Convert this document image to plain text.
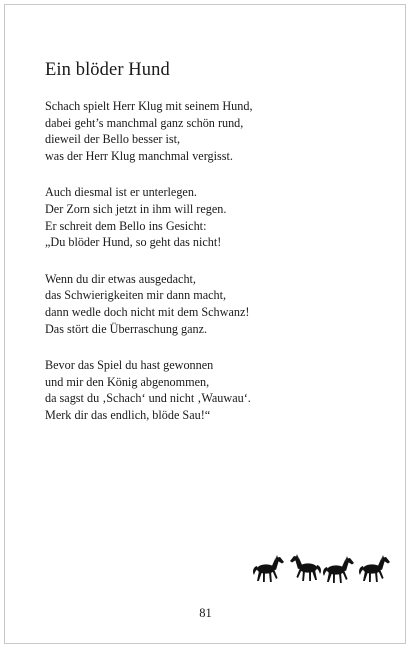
Ein blöder Hund

Schach spielt Herr Klug mit seinem Hund,
dabei geht’s manchmal ganz schön rund,
dieweil der Bello besser ist,
was der Herr Klug manchmal vergisst.

Auch diesmal ist er unterlegen.
Der Zorn sich jetzt in ihm will regen.
Er schreit dem Bello ins Gesicht:
„Du blöder Hund, so geht das nicht!

Wenn du dir etwas ausgedacht,
das Schwierigkeiten mir dann macht,
dann wedle doch nicht mit dem Schwanz!
Das stört die Überraschung ganz.

Bevor das Spiel du hast gewonnen
und mir den König abgenommen,
da sagst du ‚Schach‘ und nicht ‚Wauwau‘.
Merk dir das endlich, blöde Sau!“

81
